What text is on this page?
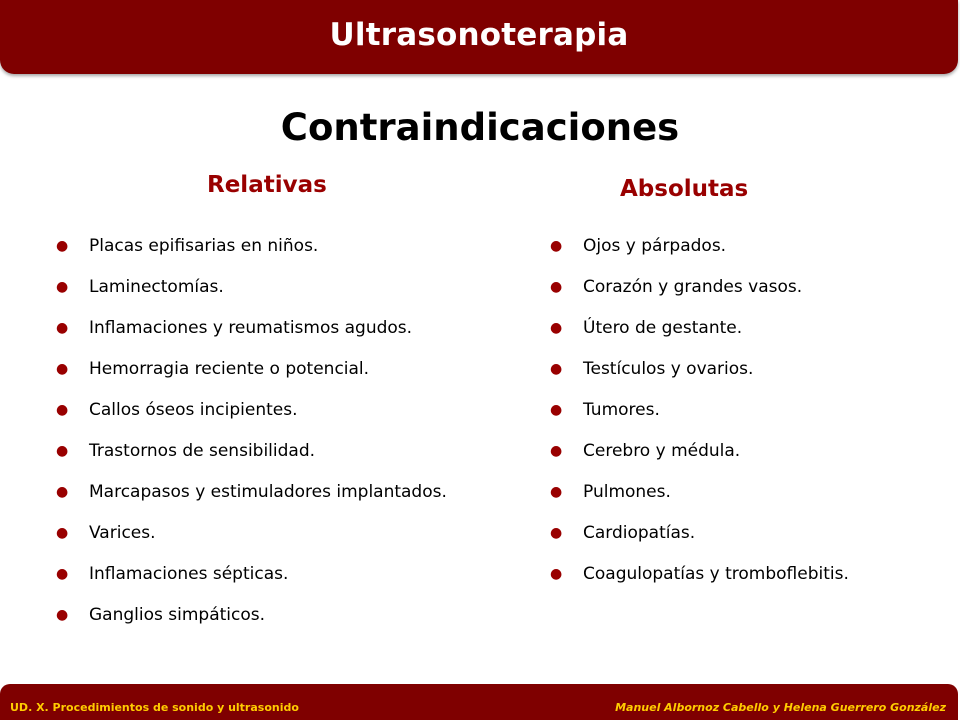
Ultrasonoterapia
Contraindicaciones
Relativas	Absolutas
●	Placas epifisarias en niños.
●	Laminectomías.
●	Inflamaciones y reumatismos agudos.
●	Hemorragia reciente o potencial.
●	Callos óseos incipientes.
●	Trastornos de sensibilidad.
●	Marcapasos y estimuladores implantados.
●	Varices.
●	Inflamaciones sépticas.
●	Ganglios simpáticos.
●	Ojos y párpados.
●	Corazón y grandes vasos.
●	Útero de gestante.
●	Testículos y ovarios.
●	Tumores.
●	Cerebro y médula.
●	Pulmones.
●	Cardiopatías.
●	Coagulopatías y tromboflebitis.
UD. X. Procedimientos de sonido y ultrasonido	Manuel Albornoz Cabello y Helena Guerrero González
